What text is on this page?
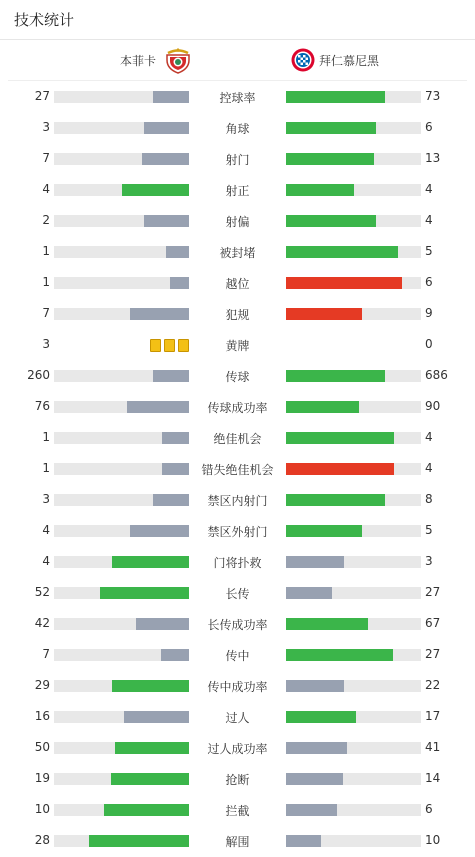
技术统计
本菲卡	拜仁慕尼黑
27	控球率	73
3	角球	6
7	射门	13
4	射正	4
2	射偏	4
1	被封堵	5
1	越位	6
7	犯规	9
3	黄牌	0
260	传球	686
76	传球成功率	90
1	绝佳机会	4
1	错失绝佳机会	4
3	禁区内射门	8
4	禁区外射门	5
4	门将扑救	3
52	长传	27
42	长传成功率	67
7	传中	27
29	传中成功率	22
16	过人	17
50	过人成功率	41
19	抢断	14
10	拦截	6
28	解围	10
